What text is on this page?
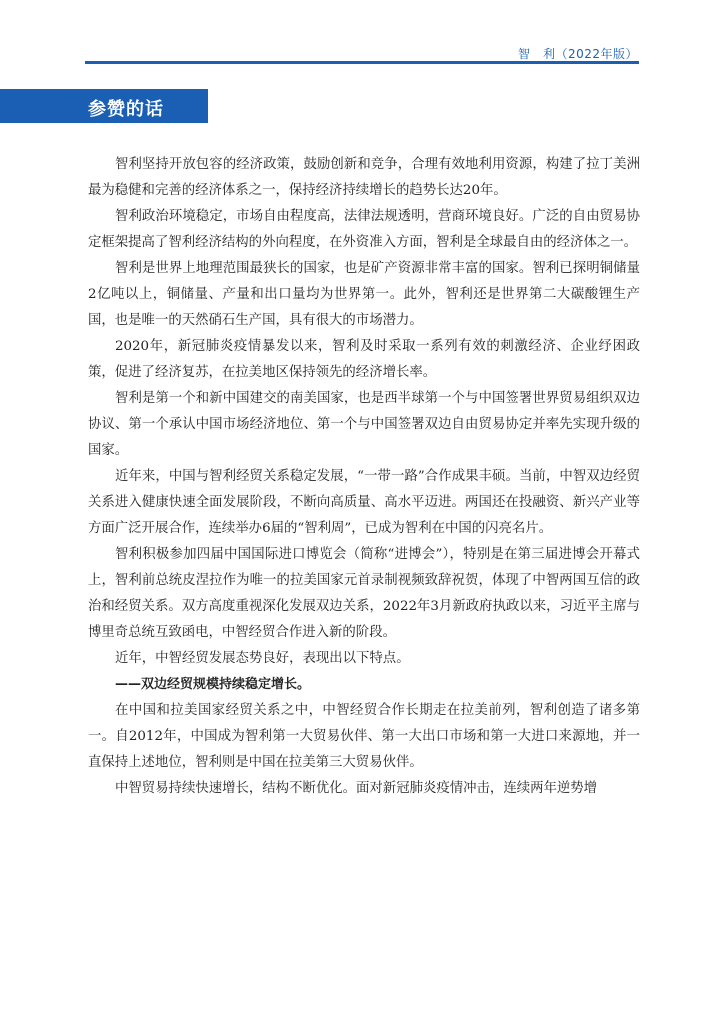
智　利（2022年版）
参赞的话

智利坚持开放包容的经济政策，鼓励创新和竞争，合理有效地利用资源，构建了拉丁美洲最为稳健和完善的经济体系之一，保持经济持续增长的趋势长达20年。

智利政治环境稳定，市场自由程度高，法律法规透明，营商环境良好。广泛的自由贸易协定框架提高了智利经济结构的外向程度，在外资准入方面，智利是全球最自由的经济体之一。

智利是世界上地理范围最狭长的国家，也是矿产资源非常丰富的国家。智利已探明铜储量2亿吨以上，铜储量、产量和出口量均为世界第一。此外，智利还是世界第二大碳酸锂生产国，也是唯一的天然硝石生产国，具有很大的市场潜力。

2020年，新冠肺炎疫情暴发以来，智利及时采取一系列有效的刺激经济、企业纾困政策，促进了经济复苏，在拉美地区保持领先的经济增长率。

智利是第一个和新中国建交的南美国家，也是西半球第一个与中国签署世界贸易组织双边协议、第一个承认中国市场经济地位、第一个与中国签署双边自由贸易协定并率先实现升级的国家。

近年来，中国与智利经贸关系稳定发展，“一带一路”合作成果丰硕。当前，中智双边经贸关系进入健康快速全面发展阶段，不断向高质量、高水平迈进。两国还在投融资、新兴产业等方面广泛开展合作，连续举办6届的“智利周”，已成为智利在中国的闪亮名片。

智利积极参加四届中国国际进口博览会（简称“进博会”），特别是在第三届进博会开幕式上，智利前总统皮涅拉作为唯一的拉美国家元首录制视频致辞祝贺，体现了中智两国互信的政治和经贸关系。双方高度重视深化发展双边关系，2022年3月新政府执政以来，习近平主席与博里奇总统互致函电，中智经贸合作进入新的阶段。

近年，中智经贸发展态势良好，表现出以下特点。

——双边经贸规模持续稳定增长。

在中国和拉美国家经贸关系之中，中智经贸合作长期走在拉美前列，智利创造了诸多第一。自2012年，中国成为智利第一大贸易伙伴、第一大出口市场和第一大进口来源地，并一直保持上述地位，智利则是中国在拉美第三大贸易伙伴。

中智贸易持续快速增长，结构不断优化。面对新冠肺炎疫情冲击，连续两年逆势增
